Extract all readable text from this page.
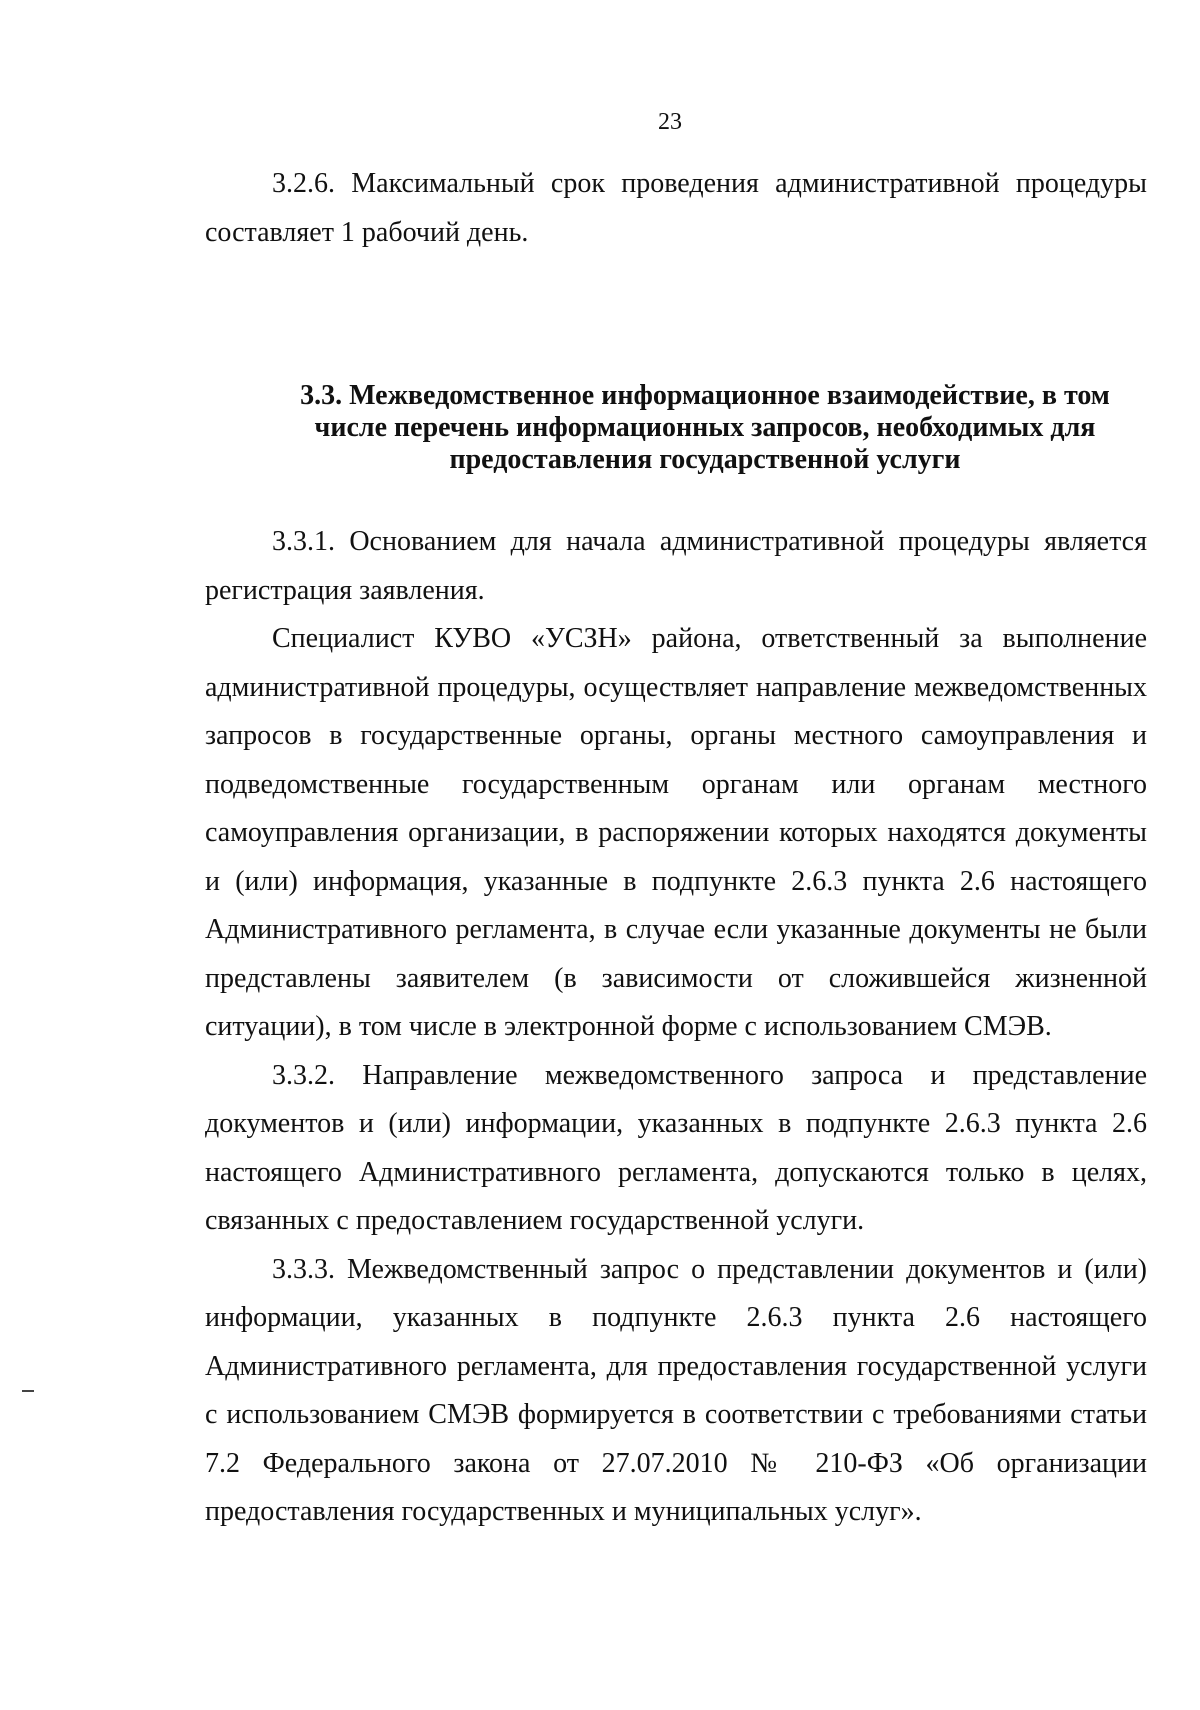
23

3.2.6. Максимальный срок проведения административной процедуры составляет 1 рабочий день.

3.3. Межведомственное информационное взаимодействие, в том
числе перечень информационных запросов, необходимых для
предоставления государственной услуги

3.3.1. Основанием для начала административной процедуры является регистрация заявления.

Специалист КУВО «УСЗН» района, ответственный за выполнение административной процедуры, осуществляет направление межведомственных запросов в государственные органы, органы местного самоуправления и подведомственные государственным органам или органам местного самоуправления организации, в распоряжении которых находятся документы и (или) информация, указанные в подпункте 2.6.3 пункта 2.6 настоящего Административного регламента, в случае если указанные документы не были представлены заявителем (в зависимости от сложившейся жизненной ситуации), в том числе в электронной форме с использованием СМЭВ.

3.3.2. Направление межведомственного запроса и представление документов и (или) информации, указанных в подпункте 2.6.3 пункта 2.6 настоящего Административного регламента, допускаются только в целях, связанных с предоставлением государственной услуги.

3.3.3. Межведомственный запрос о представлении документов и (или) информации, указанных в подпункте 2.6.3 пункта 2.6 настоящего Административного регламента, для предоставления государственной услуги с использованием СМЭВ формируется в соответствии с требованиями статьи 7.2 Федерального закона от 27.07.2010 № 210-ФЗ «Об организации предоставления государственных и муниципальных услуг».
